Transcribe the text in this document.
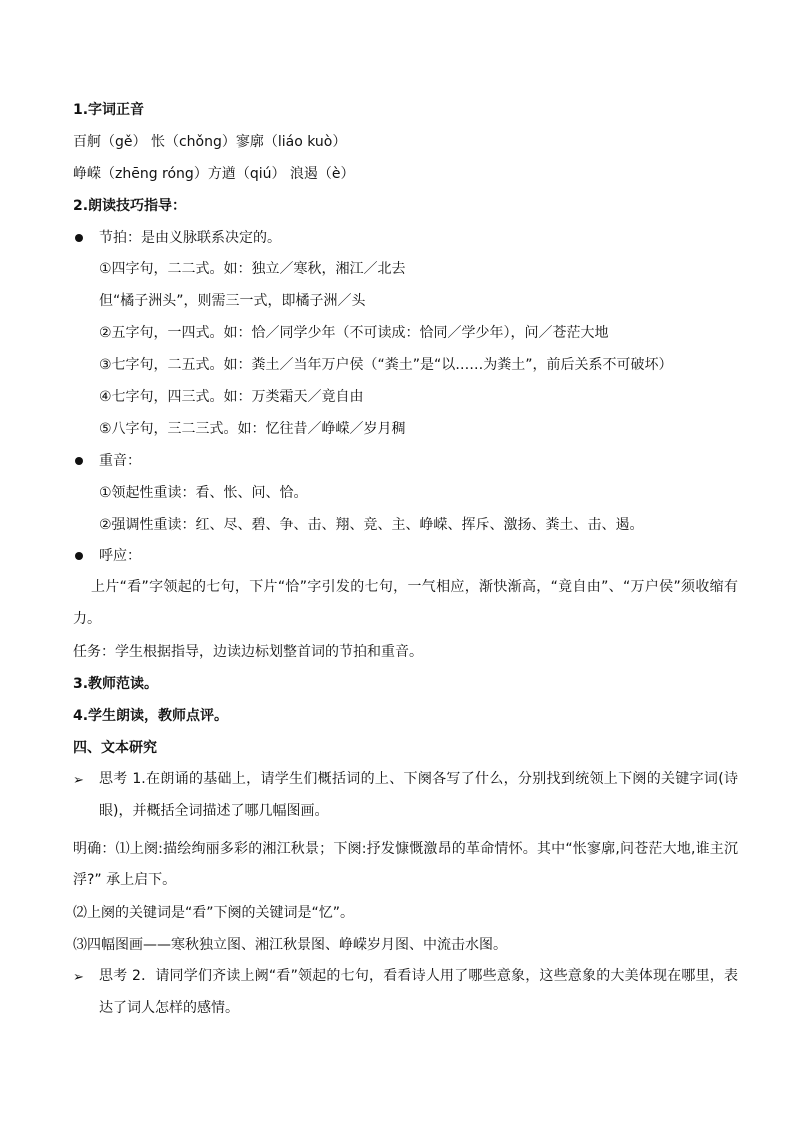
1.字词正音
百舸（gě） 怅（chǒng）寥廓（liáo kuò）
峥嵘（zhēng róng）方遒（qiú） 浪遏（è）
2.朗读技巧指导：
节拍：是由义脉联系决定的。
①四字句，二二式。如：独立／寒秋，湘江／北去
但“橘子洲头”，则需三一式，即橘子洲／头
②五字句，一四式。如：恰／同学少年（不可读成：恰同／学少年），问／苍茫大地
③七字句，二五式。如：粪土／当年万户侯（“粪土”是“以……为粪土”，前后关系不可破坏）
④七字句，四三式。如：万类霜天／竟自由
⑤八字句，三二三式。如：忆往昔／峥嵘／岁月稠
重音：
①领起性重读：看、怅、问、恰。
②强调性重读：红、尽、碧、争、击、翔、竞、主、峥嵘、挥斥、激扬、粪土、击、遏。
呼应：
上片“看”字领起的七句，下片“恰”字引发的七句，一气相应，渐快渐高，“竟自由”、“万户侯”须收缩有力。
任务：学生根据指导，边读边标划整首词的节拍和重音。
3.教师范读。
4.学生朗读，教师点评。
四、文本研究
➢	思考 1.在朗诵的基础上，请学生们概括词的上、下阕各写了什么，分别找到统领上下阕的关键字词(诗眼)，并概括全词描述了哪几幅图画。
明确：⑴上阕:描绘绚丽多彩的湘江秋景；下阕:抒发慷慨激昂的革命情怀。其中“怅寥廓,问苍茫大地,谁主沉浮?” 承上启下。
⑵上阕的关键词是“看”下阕的关键词是“忆”。
⑶四幅图画——寒秋独立图、湘江秋景图、峥嵘岁月图、中流击水图。
➢	思考 2．请同学们齐读上阙“看”领起的七句，看看诗人用了哪些意象，这些意象的大美体现在哪里，表达了词人怎样的感情。
